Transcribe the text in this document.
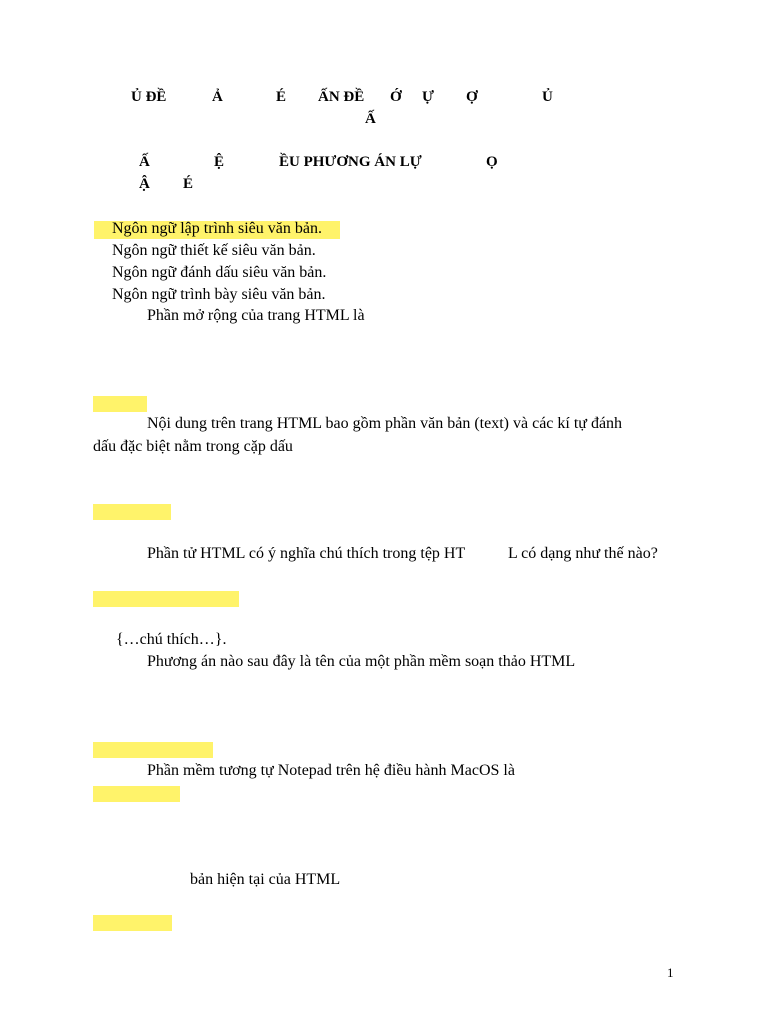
Ủ ĐỀ	Ả	É ẤN ĐỀ Ớ Ự Ợ	Ủ
Ấ
Ấ	Ệ	ỀU PHƯƠNG ÁN LỰ	Ọ
Ậ É
Ngôn ngữ lập trình siêu văn bản.
Ngôn ngữ thiết kế siêu văn bản.
Ngôn ngữ đánh dấu siêu văn bản.
Ngôn ngữ trình bày siêu văn bản.
Phần mở rộng của trang HTML là
Nội dung trên trang HTML bao gồm phần văn bản (text) và các kí tự đánh
dấu đặc biệt nằm trong cặp dấu
Phần tử HTML có ý nghĩa chú thích trong tệp HT	L có dạng như thế nào?
{…chú thích…}.
Phương án nào sau đây là tên của một phần mềm soạn thảo HTML
Phần mềm tương tự Notepad trên hệ điều hành MacOS là
bản hiện tại của HTML
1
